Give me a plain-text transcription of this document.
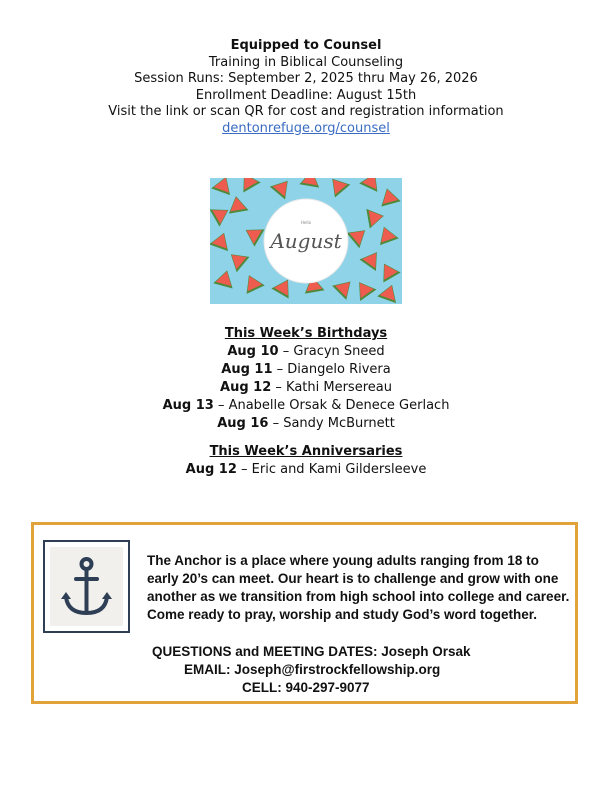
Equipped to Counsel
Training in Biblical Counseling
Session Runs: September 2, 2025 thru May 26, 2026
Enrollment Deadline: August 15th
Visit the link or scan QR for cost and registration information
dentonrefuge.org/counsel
Hello
August
This Week’s Birthdays
Aug 10 – Gracyn Sneed
Aug 11 – Diangelo Rivera
Aug 12 – Kathi Mersereau
Aug 13 – Anabelle Orsak & Denece Gerlach
Aug 16 – Sandy McBurnett
This Week’s Anniversaries
Aug 12 – Eric and Kami Gildersleeve
The Anchor is a place where young adults ranging from 18 to
early 20’s can meet. Our heart is to challenge and grow with one
another as we transition from high school into college and career.
Come ready to pray, worship and study God’s word together.
QUESTIONS and MEETING DATES: Joseph Orsak
EMAIL: Joseph@firstrockfellowship.org
CELL: 940-297-9077
